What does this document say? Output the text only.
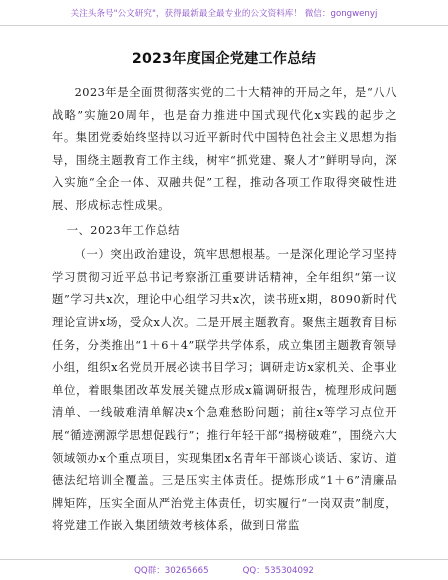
关注头条号"公文研究"，获得最新最全最专业的公文资料库！ 微信：gongwenyj
2023年度国企党建工作总结

2023年是全面贯彻落实党的二十大精神的开局之年，是“八八战略”实施20周年，也是奋力推进中国式现代化x实践的起步之年。集团党委始终坚持以习近平新时代中国特色社会主义思想为指导，围绕主题教育工作主线，树牢“抓党建、聚人才”鲜明导向，深入实施“全企一体、双融共促”工程，推动各项工作取得突破性进展、形成标志性成果。

一、2023年工作总结

（一）突出政治建设，筑牢思想根基。一是深化理论学习坚持学习贯彻习近平总书记考察浙江重要讲话精神，全年组织“第一议题”学习共x次，理论中心组学习共x次，读书班x期，8090新时代理论宣讲x场，受众x人次。二是开展主题教育。聚焦主题教育目标任务，分类推出“1＋6＋4”联学共学体系，成立集团主题教育领导小组，组织x名党员开展必读书目学习；调研走访x家机关、企事业单位，着眼集团改革发展关键点形成x篇调研报告，梳理形成问题清单、一线破难清单解决x个急难愁盼问题；前往x等学习点位开展“循迹溯源学思想促践行”；推行年轻干部“揭榜破难”，围绕六大领域领办x个重点项目，实现集团x名青年干部谈心谈话、家访、道德法纪培训全覆盖。三是压实主体责任。提炼形成“1＋6”清廉品牌矩阵，压实全面从严治党主体责任，切实履行“一岗双责”制度，将党建工作嵌入集团绩效考核体系，做到日常监

QQ群：30265665	QQ：535304092
